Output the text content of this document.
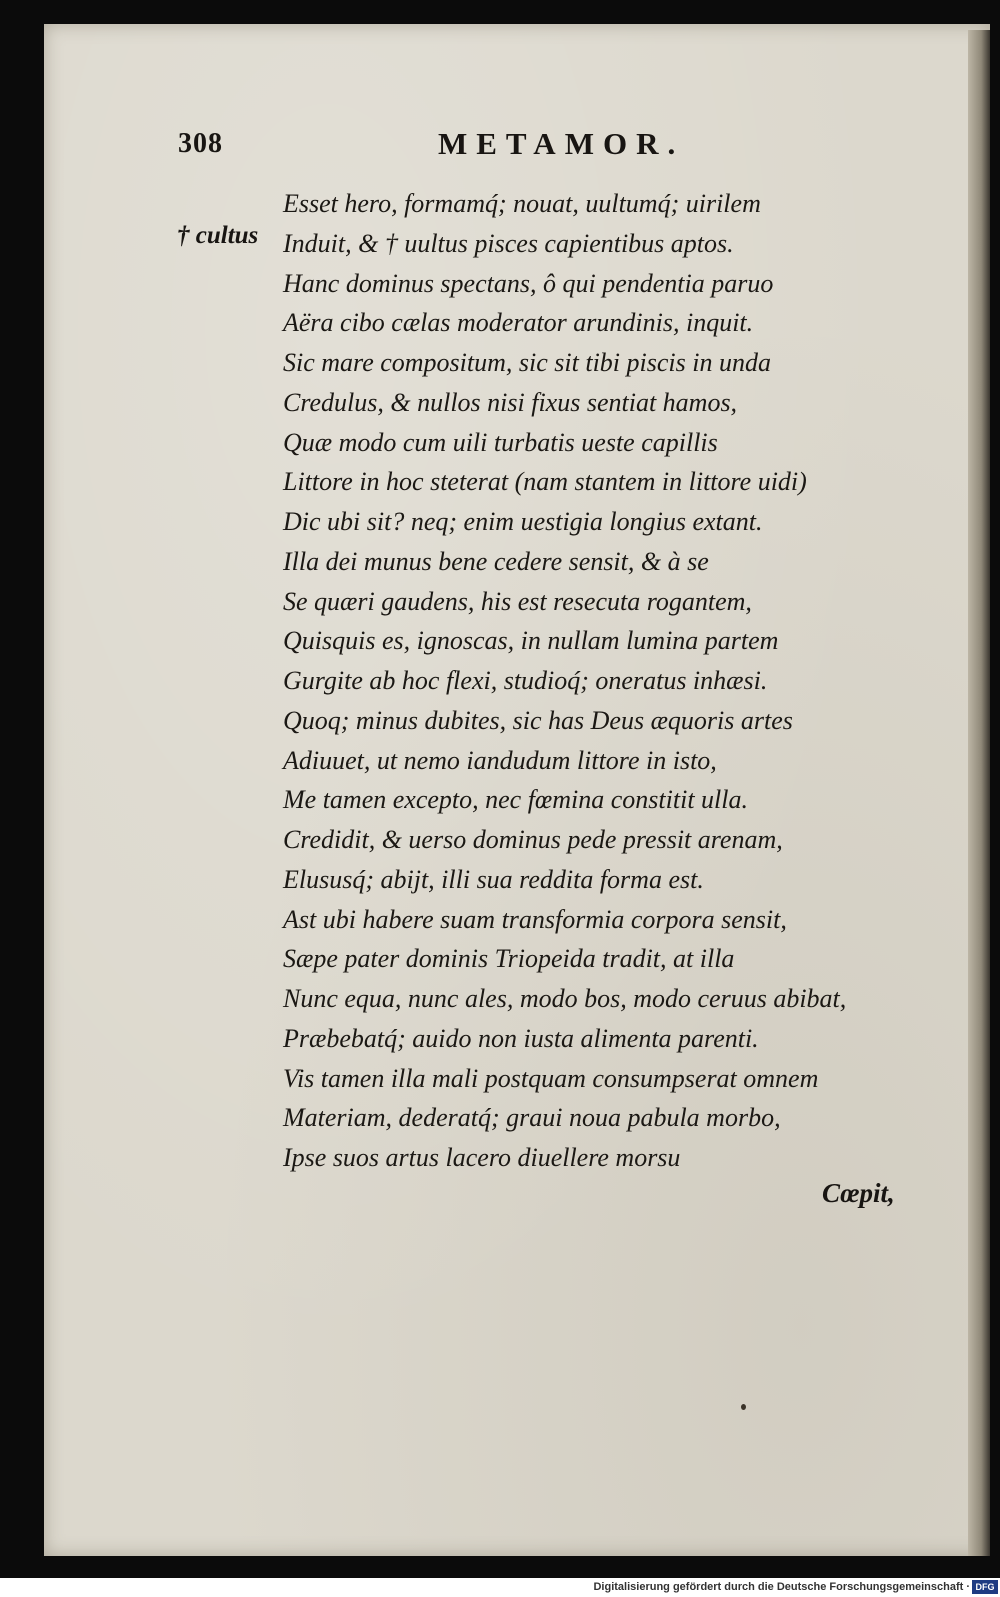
308	METAMOR.
† cultus
Esset hero, formamq́; nouat, uultumq́; uirilem
Induit, & † uultus pisces capientibus aptos.
Hanc dominus spectans, ô qui pendentia paruo
Aëra cibo cælas moderator arundinis, inquit.
Sic mare compositum, sic sit tibi piscis in unda
Credulus, & nullos nisi fixus sentiat hamos,
Quæ modo cum uili turbatis ueste capillis
Littore in hoc steterat (nam stantem in littore uidi)
Dic ubi sit? neq; enim uestigia longius extant.
Illa dei munus bene cedere sensit, & à se
Se quæri gaudens, his est resecuta rogantem,
Quisquis es, ignoscas, in nullam lumina partem
Gurgite ab hoc flexi, studioq́; oneratus inhæsi.
Quoq; minus dubites, sic has Deus æquoris artes
Adiuuet, ut nemo iandudum littore in isto,
Me tamen excepto, nec fœmina constitit ulla.
Credidit, & uerso dominus pede pressit arenam,
Elususq́; abijt, illi sua reddita forma est.
Ast ubi habere suam transformia corpora sensit,
Sæpe pater dominis Triopeida tradit, at illa
Nunc equa, nunc ales, modo bos, modo ceruus abibat,
Præbebatq́; auido non iusta alimenta parenti.
Vis tamen illa mali postquam consumpserat omnem
Materiam, dederatq́; graui noua pabula morbo,
Ipse suos artus lacero diuellere morsu
Cœpit,
Digitalisierung gefördert durch die Deutsche Forschungsgemeinschaft · DFG
